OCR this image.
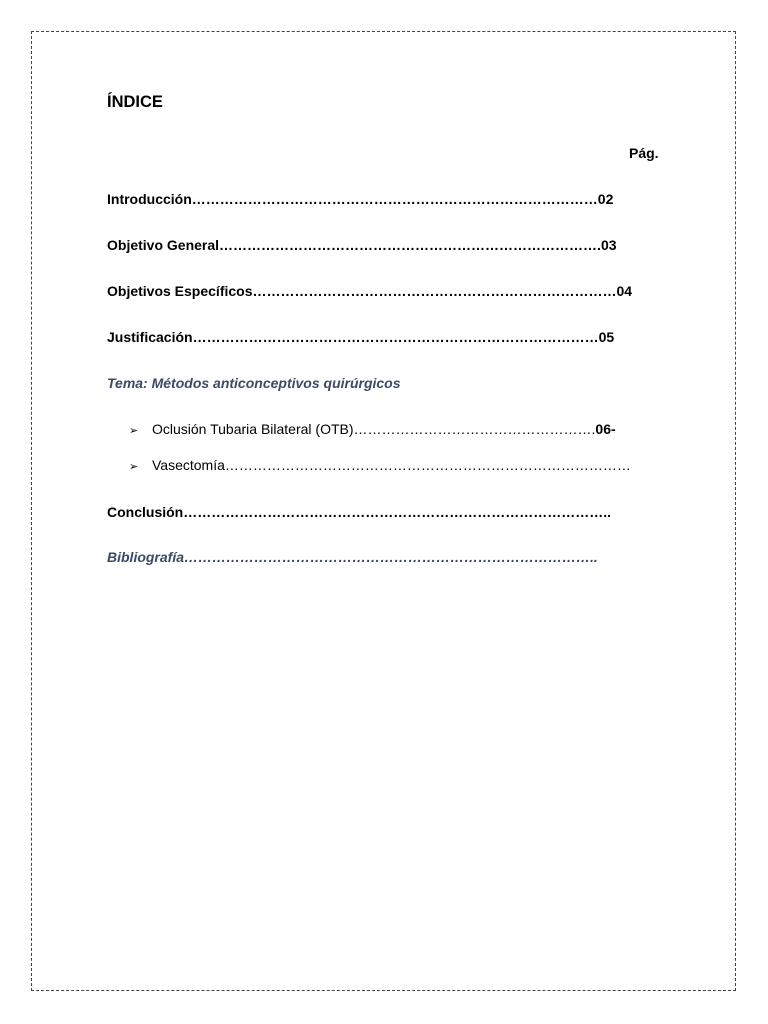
ÍNDICE
Pág.
Introducción……………………………………………………………………………02
Objetivo General……………………………………………………………………….03
Objetivos Específicos……………………………………………………………………04
Justificación……………………………………………………………………………05
Tema: Métodos anticonceptivos quirúrgicos
➢ Oclusión Tubaria Bilateral (OTB)…………………………………………….06-
➢ Vasectomía……………………………………………………………………………
Conclusión………………………………………………………………………………..
Bibliografía……………………………………………………………………………..
